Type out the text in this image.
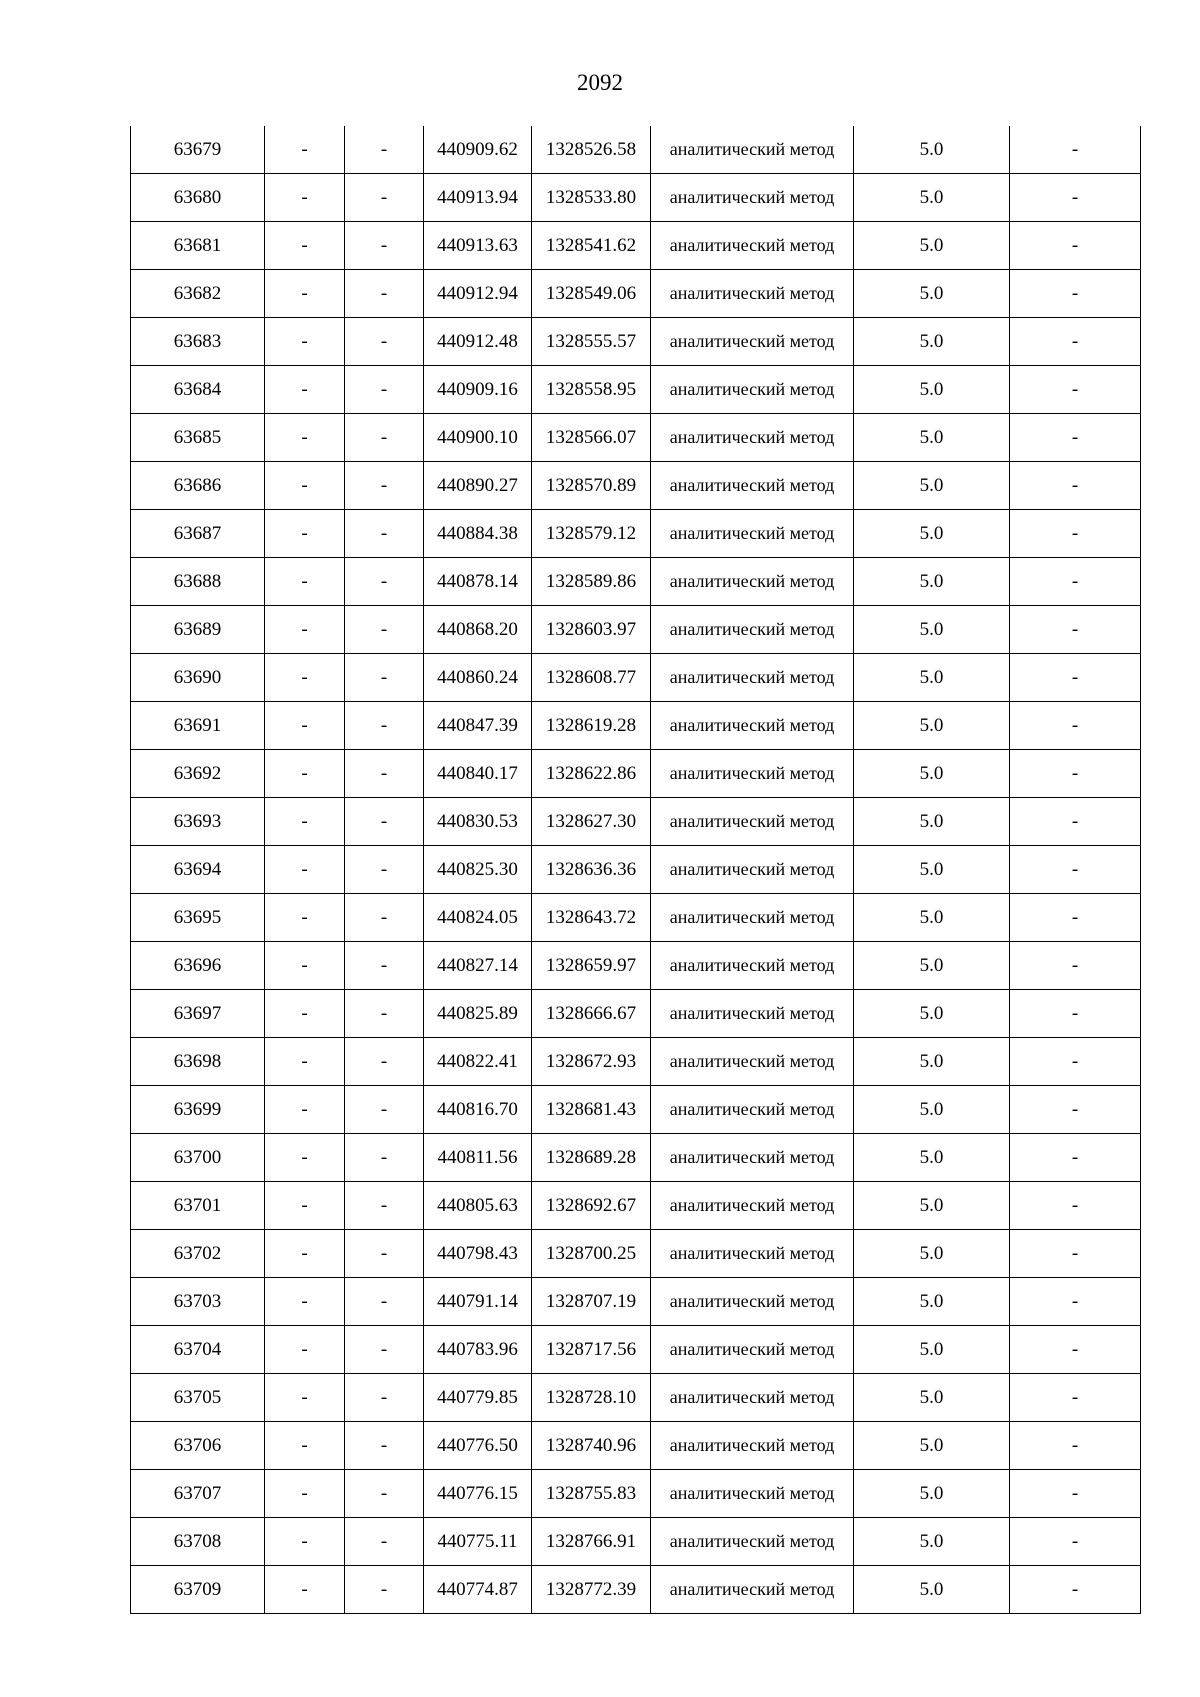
2092
63679	-	-	440909.62	1328526.58	аналитический метод	5.0	-
63680	-	-	440913.94	1328533.80	аналитический метод	5.0	-
63681	-	-	440913.63	1328541.62	аналитический метод	5.0	-
63682	-	-	440912.94	1328549.06	аналитический метод	5.0	-
63683	-	-	440912.48	1328555.57	аналитический метод	5.0	-
63684	-	-	440909.16	1328558.95	аналитический метод	5.0	-
63685	-	-	440900.10	1328566.07	аналитический метод	5.0	-
63686	-	-	440890.27	1328570.89	аналитический метод	5.0	-
63687	-	-	440884.38	1328579.12	аналитический метод	5.0	-
63688	-	-	440878.14	1328589.86	аналитический метод	5.0	-
63689	-	-	440868.20	1328603.97	аналитический метод	5.0	-
63690	-	-	440860.24	1328608.77	аналитический метод	5.0	-
63691	-	-	440847.39	1328619.28	аналитический метод	5.0	-
63692	-	-	440840.17	1328622.86	аналитический метод	5.0	-
63693	-	-	440830.53	1328627.30	аналитический метод	5.0	-
63694	-	-	440825.30	1328636.36	аналитический метод	5.0	-
63695	-	-	440824.05	1328643.72	аналитический метод	5.0	-
63696	-	-	440827.14	1328659.97	аналитический метод	5.0	-
63697	-	-	440825.89	1328666.67	аналитический метод	5.0	-
63698	-	-	440822.41	1328672.93	аналитический метод	5.0	-
63699	-	-	440816.70	1328681.43	аналитический метод	5.0	-
63700	-	-	440811.56	1328689.28	аналитический метод	5.0	-
63701	-	-	440805.63	1328692.67	аналитический метод	5.0	-
63702	-	-	440798.43	1328700.25	аналитический метод	5.0	-
63703	-	-	440791.14	1328707.19	аналитический метод	5.0	-
63704	-	-	440783.96	1328717.56	аналитический метод	5.0	-
63705	-	-	440779.85	1328728.10	аналитический метод	5.0	-
63706	-	-	440776.50	1328740.96	аналитический метод	5.0	-
63707	-	-	440776.15	1328755.83	аналитический метод	5.0	-
63708	-	-	440775.11	1328766.91	аналитический метод	5.0	-
63709	-	-	440774.87	1328772.39	аналитический метод	5.0	-
